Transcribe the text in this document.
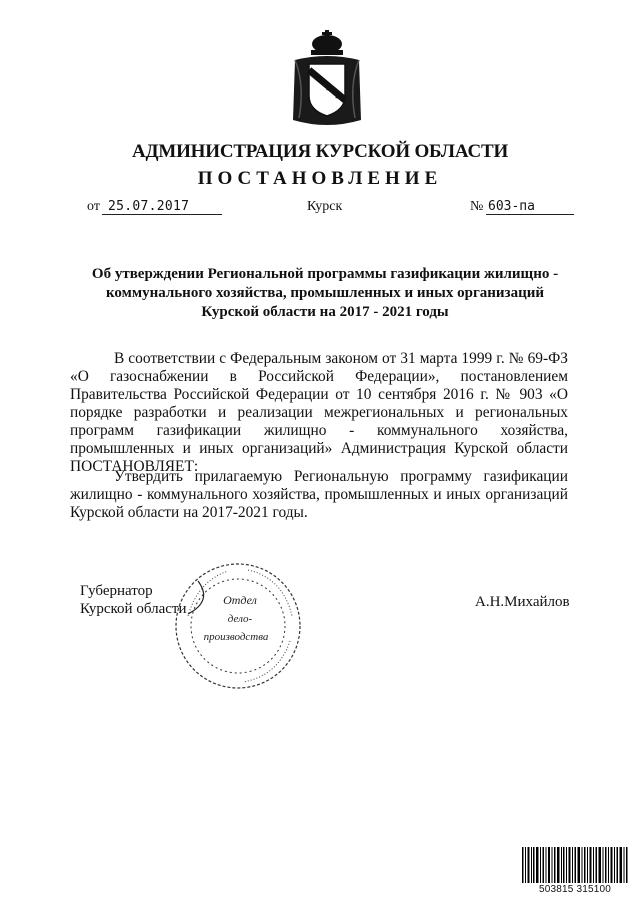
АДМИНИСТРАЦИЯ КУРСКОЙ ОБЛАСТИ
ПОСТАНОВЛЕНИЕ
от 25.07.2017	Курск	№ 603-па
Об утверждении Региональной программы газификации жилищно -
коммунального хозяйства, промышленных и иных организаций
Курской области на 2017 - 2021 годы
В соответствии с Федеральным законом от 31 марта 1999 г. № 69-ФЗ «О газоснабжении в Российской Федерации», постановлением Правительства Российской Федерации от 10 сентября 2016 г. № 903 «О порядке разработки и реализации межрегиональных и региональных программ газификации жилищно - коммунального хозяйства, промышленных и иных организаций» Администрация Курской области ПОСТАНОВЛЯЕТ:
Утвердить прилагаемую Региональную программу газификации жилищно - коммунального хозяйства, промышленных и иных организаций Курской области на 2017-2021 годы.
Губернатор
Курской области	А.Н.Михайлов
Отдел
дело-
производства
503815 315100
